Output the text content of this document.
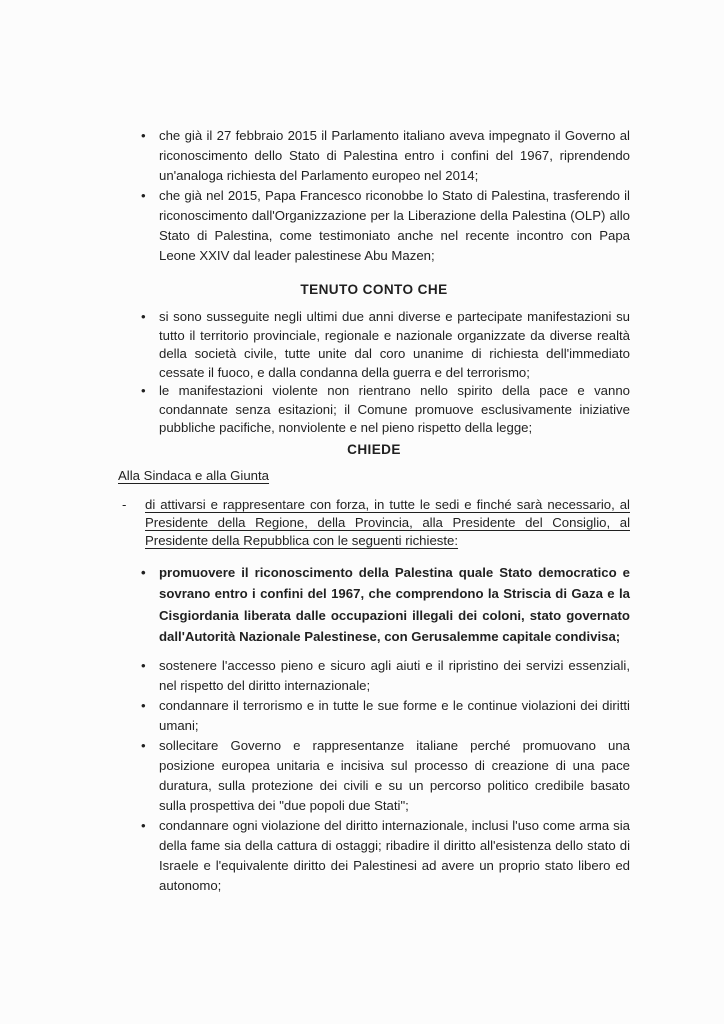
•
che già il 27 febbraio 2015 il Parlamento italiano aveva impegnato il Governo al riconoscimento dello Stato di Palestina entro i confini del 1967, riprendendo un'analoga richiesta del Parlamento europeo nel 2014;
•
che già nel 2015, Papa Francesco riconobbe lo Stato di Palestina, trasferendo il riconoscimento dall'Organizzazione per la Liberazione della Palestina (OLP) allo Stato di Palestina, come testimoniato anche nel recente incontro con Papa Leone XXIV dal leader palestinese Abu Mazen;
TENUTO CONTO CHE
•
si sono susseguite negli ultimi due anni diverse e partecipate manifestazioni su tutto il territorio provinciale, regionale e nazionale organizzate da diverse realtà della società civile, tutte unite dal coro unanime di richiesta dell'immediato cessate il fuoco, e dalla condanna della guerra e del terrorismo;
•
le manifestazioni violente non rientrano nello spirito della pace e vanno condannate senza esitazioni; il Comune promuove esclusivamente iniziative pubbliche pacifiche, nonviolente e nel pieno rispetto della legge;
CHIEDE
Alla Sindaca e alla Giunta
-
di attivarsi e rappresentare con forza, in tutte le sedi e finché sarà necessario, al Presidente della Regione, della Provincia, alla Presidente del Consiglio, al Presidente della Repubblica con le seguenti richieste:
•
promuovere il riconoscimento della Palestina quale Stato democratico e sovrano entro i confini del 1967, che comprendono la Striscia di Gaza e la Cisgiordania liberata dalle occupazioni illegali dei coloni, stato governato dall'Autorità Nazionale Palestinese, con Gerusalemme capitale condivisa;
•
sostenere l'accesso pieno e sicuro agli aiuti e il ripristino dei servizi essenziali, nel rispetto del diritto internazionale;
•
condannare il terrorismo e in tutte le sue forme e le continue violazioni dei diritti umani;
•
sollecitare Governo e rappresentanze italiane perché promuovano una posizione europea unitaria e incisiva sul processo di creazione di una pace duratura, sulla protezione dei civili e su un percorso politico credibile basato sulla prospettiva dei "due popoli due Stati";
•
condannare ogni violazione del diritto internazionale, inclusi l'uso come arma sia della fame sia della cattura di ostaggi; ribadire il diritto all'esistenza dello stato di Israele e l'equivalente diritto dei Palestinesi ad avere un proprio stato libero ed autonomo;
